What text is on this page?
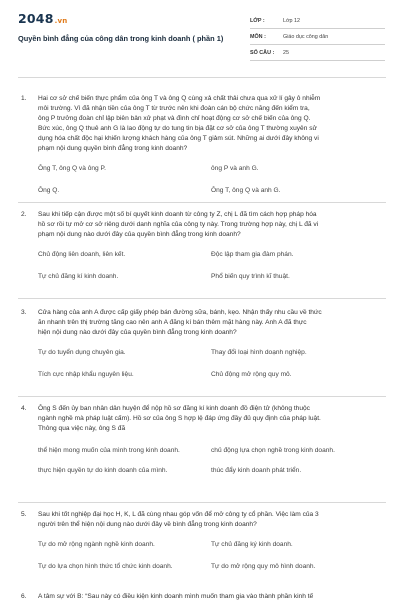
2048.vn
Quyền bình đẳng của công dân trong kinh doanh ( phần 1)
LỚP :	Lớp 12
MÔN :	Giáo dục công dân
SỐ CÂU :	25
1. Hai cơ sở chế biến thực phẩm của ông T và ông Q cùng xả chất thải chưa qua xử lí gây ô nhiễm
môi trường. Vì đã nhận tiền của ông T từ trước nên khi đoàn cán bộ chức năng đến kiểm tra,
ông P trưởng đoàn chỉ lập biên bản xử phạt và đình chỉ hoạt động cơ sở chế biến của ông Q.
Bức xúc, ông Q thuê anh G là lao động tự do tung tin bịa đặt cơ sở của ông T thường xuyên sử
dụng hóa chất độc hại khiến lượng khách hàng của ông T giảm sút. Những ai dưới đây không vi
phạm nội dung quyền bình đẳng trong kinh doanh?
Ông T, ông Q và ông P.	ông P và anh G.
Ông Q.	Ông T, ông Q và anh G.
2. Sau khi tiếp cận được một số bí quyết kinh doanh từ công ty Z, chị L đã tìm cách hợp pháp hóa
hồ sơ rồi tự mở cơ sở riêng dưới danh nghĩa của công ty này. Trong trường hợp này, chị L đã vi
phạm nội dung nào dưới đây của quyền bình đẳng trong kinh doanh?
Chủ động liên doanh, liên kết.	Độc lập tham gia đàm phán.
Tự chủ đăng kí kinh doanh.	Phổ biến quy trình kĩ thuật.
3. Cửa hàng của anh A được cấp giấy phép bán đường sữa, bánh, kẹo. Nhận thấy nhu cầu về thức
ăn nhanh trên thị trường tăng cao nên anh A đăng kí bán thêm mặt hàng này. Anh A đã thực
hiện nội dung nào dưới đây của quyền bình đẳng trong kinh doanh?
Tự do tuyển dụng chuyên gia.	Thay đổi loại hình doạnh nghiệp.
Tích cực nhập khẩu nguyên liệu.	Chủ động mở rộng quy mô.
4. Ông S đến ủy ban nhân dân huyện để nộp hồ sơ đăng kí kinh doanh đồ điện tử (không thuộc
ngành nghề mà pháp luật cấm). Hồ sơ của ông S hợp lệ đáp ứng đầy đủ quy định của pháp luật.
Thông qua việc này, ông S đã
thể hiện mong muốn của mình trong kinh doanh.	chủ động lựa chọn nghề trong kinh doanh.
thực hiện quyền tự do kinh doanh của mình.	thúc đẩy kinh doanh phát triển.
5. Sau khi tốt nghiệp đại học H, K, L đã cùng nhau góp vốn để mở công ty cổ phần. Việc làm của 3
người trên thể hiện nội dung nào dưới đây về bình đẳng trong kinh doanh?
Tự do mở rộng ngành nghề kinh doanh.	Tự chủ đăng ký kinh doanh.
Tự do lựa chọn hình thức tổ chức kinh doanh.	Tự do mở rộng quy mô hình doanh.
6. A tâm sự với B: “Sau này có điều kiện kinh doanh mình muốn tham gia vào thành phần kinh tế
